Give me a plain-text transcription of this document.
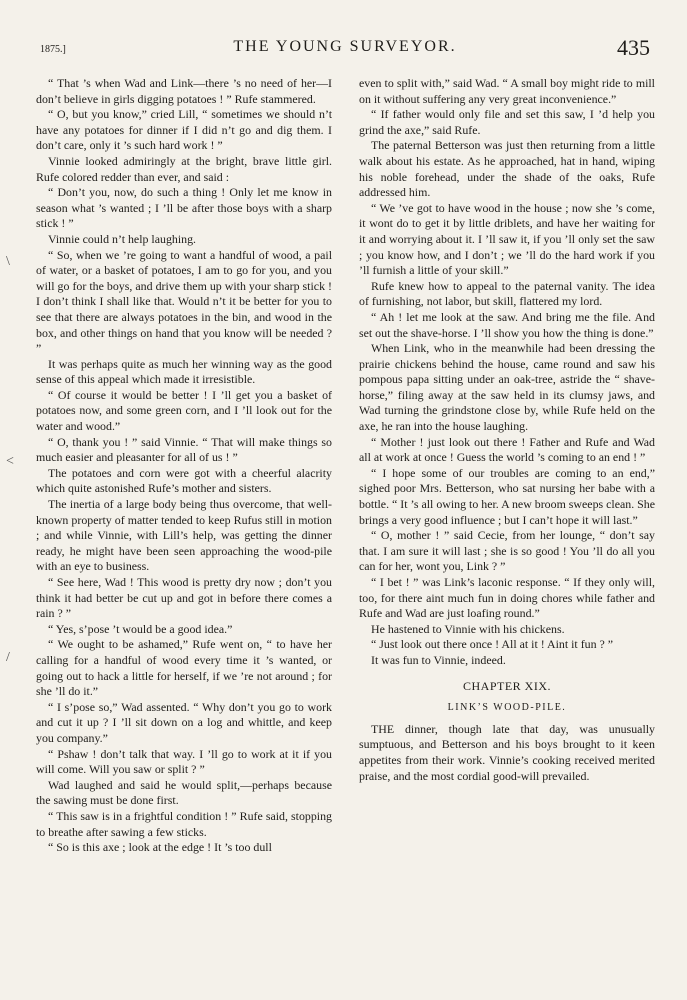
1875.]	THE YOUNG SURVEYOR.	435
\
˂
/

“ That ’s when Wad and Link—there ’s no need of her—I don’t believe in girls digging potatoes ! ” Rufe stammered.

“ O, but you know,” cried Lill, “ sometimes we should n’t have any potatoes for dinner if I did n’t go and dig them. I don’t care, only it ’s such hard work ! ”

Vinnie looked admiringly at the bright, brave little girl. Rufe colored redder than ever, and said :

“ Don’t you, now, do such a thing ! Only let me know in season what ’s wanted ; I ’ll be after those boys with a sharp stick ! ”

Vinnie could n’t help laughing.

“ So, when we ’re going to want a handful of wood, a pail of water, or a basket of potatoes, I am to go for you, and you will go for the boys, and drive them up with your sharp stick ! I don’t think I shall like that. Would n’t it be better for you to see that there are always potatoes in the bin, and wood in the box, and other things on hand that you know will be needed ? ”

It was perhaps quite as much her winning way as the good sense of this appeal which made it irresistible.

“ Of course it would be better ! I ’ll get you a basket of potatoes now, and some green corn, and I ’ll look out for the water and wood.”

“ O, thank you ! ” said Vinnie. “ That will make things so much easier and pleasanter for all of us ! ”

The potatoes and corn were got with a cheerful alacrity which quite astonished Rufe’s mother and sisters.

The inertia of a large body being thus overcome, that well-known property of matter tended to keep Rufus still in motion ; and while Vinnie, with Lill’s help, was getting the dinner ready, he might have been seen approaching the wood-pile with an eye to business.

“ See here, Wad ! This wood is pretty dry now ; don’t you think it had better be cut up and got in before there comes a rain ? ”

“ Yes, s’pose ’t would be a good idea.”

“ We ought to be ashamed,” Rufe went on, “ to have her calling for a handful of wood every time it ’s wanted, or going out to hack a little for herself, if we ’re not around ; for she ’ll do it.”

“ I s’pose so,” Wad assented. “ Why don’t you go to work and cut it up ? I ’ll sit down on a log and whittle, and keep you company.”

“ Pshaw ! don’t talk that way. I ’ll go to work at it if you will come. Will you saw or split ? ”

Wad laughed and said he would split,—perhaps because the sawing must be done first.

“ This saw is in a frightful condition ! ” Rufe said, stopping to breathe after sawing a few sticks.

“ So is this axe ; look at the edge ! It ’s too dull

even to split with,” said Wad. “ A small boy might ride to mill on it without suffering any very great inconvenience.”

“ If father would only file and set this saw, I ’d help you grind the axe,” said Rufe.

The paternal Betterson was just then returning from a little walk about his estate. As he approached, hat in hand, wiping his noble forehead, under the shade of the oaks, Rufe addressed him.

“ We ’ve got to have wood in the house ; now she ’s come, it wont do to get it by little driblets, and have her waiting for it and worrying about it. I ’ll saw it, if you ’ll only set the saw ; you know how, and I don’t ; we ’ll do the hard work if you ’ll furnish a little of your skill.”

Rufe knew how to appeal to the paternal vanity. The idea of furnishing, not labor, but skill, flattered my lord.

“ Ah ! let me look at the saw. And bring me the file. And set out the shave-horse. I ’ll show you how the thing is done.”

When Link, who in the meanwhile had been dressing the prairie chickens behind the house, came round and saw his pompous papa sitting under an oak-tree, astride the “ shave-horse,” filing away at the saw held in its clumsy jaws, and Wad turning the grindstone close by, while Rufe held on the axe, he ran into the house laughing.

“ Mother ! just look out there ! Father and Rufe and Wad all at work at once ! Guess the world ’s coming to an end ! ”

“ I hope some of our troubles are coming to an end,” sighed poor Mrs. Betterson, who sat nursing her babe with a bottle. “ It ’s all owing to her. A new broom sweeps clean. She brings a very good influence ; but I can’t hope it will last.”

“ O, mother ! ” said Cecie, from her lounge, “ don’t say that. I am sure it will last ; she is so good ! You ’ll do all you can for her, wont you, Link ? ”

“ I bet ! ” was Link’s laconic response. “ If they only will, too, for there aint much fun in doing chores while father and Rufe and Wad are just loafing round.”

He hastened to Vinnie with his chickens.

“ Just look out there once ! All at it ! Aint it fun ? ”

It was fun to Vinnie, indeed.

CHAPTER XIX.
LINK’S WOOD-PILE.

THE dinner, though late that day, was unusually sumptuous, and Betterson and his boys brought to it keen appetites from their work. Vinnie’s cooking received merited praise, and the most cordial good-will prevailed.
